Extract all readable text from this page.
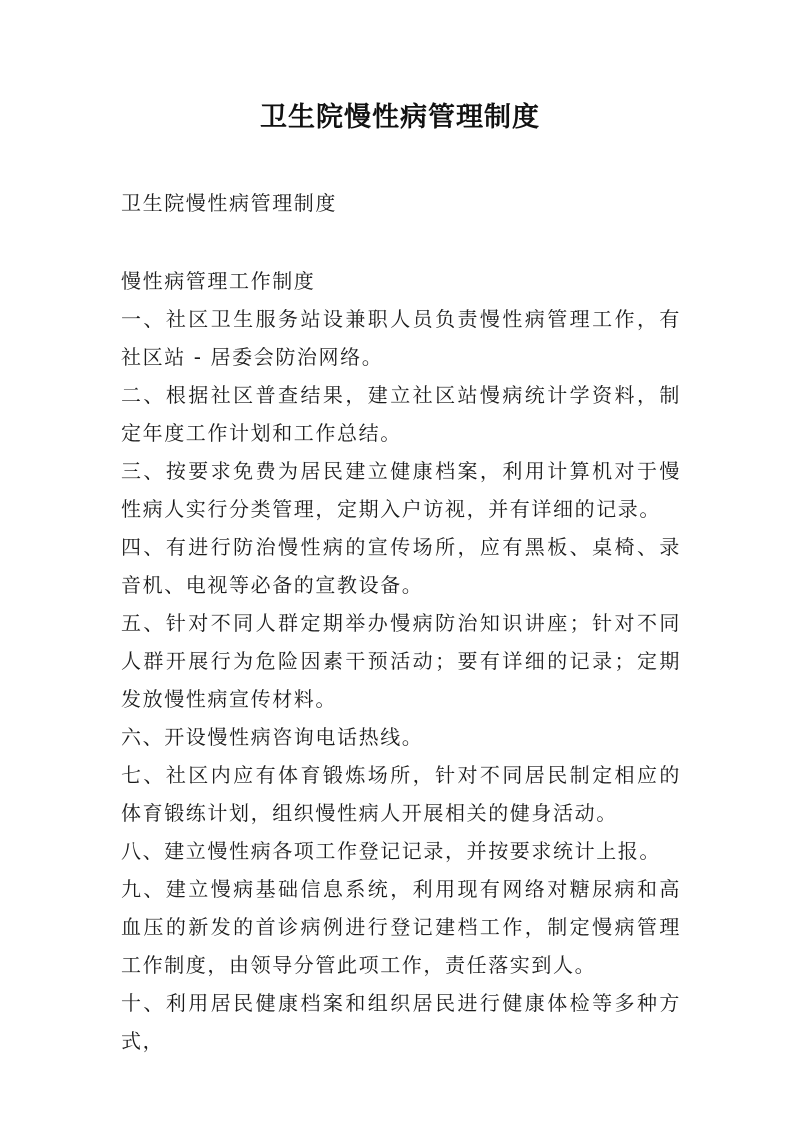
卫生院慢性病管理制度

卫生院慢性病管理制度

慢性病管理工作制度

一、社区卫生服务站设兼职人员负责慢性病管理工作，有社区站 - 居委会防治网络。

二、根据社区普查结果，建立社区站慢病统计学资料，制定年度工作计划和工作总结。

三、按要求免费为居民建立健康档案，利用计算机对于慢性病人实行分类管理，定期入户访视，并有详细的记录。

四、有进行防治慢性病的宣传场所，应有黑板、桌椅、录音机、电视等必备的宣教设备。

五、针对不同人群定期举办慢病防治知识讲座；针对不同人群开展行为危险因素干预活动；要有详细的记录；定期发放慢性病宣传材料。

六、开设慢性病咨询电话热线。

七、社区内应有体育锻炼场所，针对不同居民制定相应的体育锻练计划，组织慢性病人开展相关的健身活动。

八、建立慢性病各项工作登记记录，并按要求统计上报。

九、建立慢病基础信息系统，利用现有网络对糖尿病和高血压的新发的首诊病例进行登记建档工作，制定慢病管理工作制度，由领导分管此项工作，责任落实到人。

十、利用居民健康档案和组织居民进行健康体检等多种方式，
